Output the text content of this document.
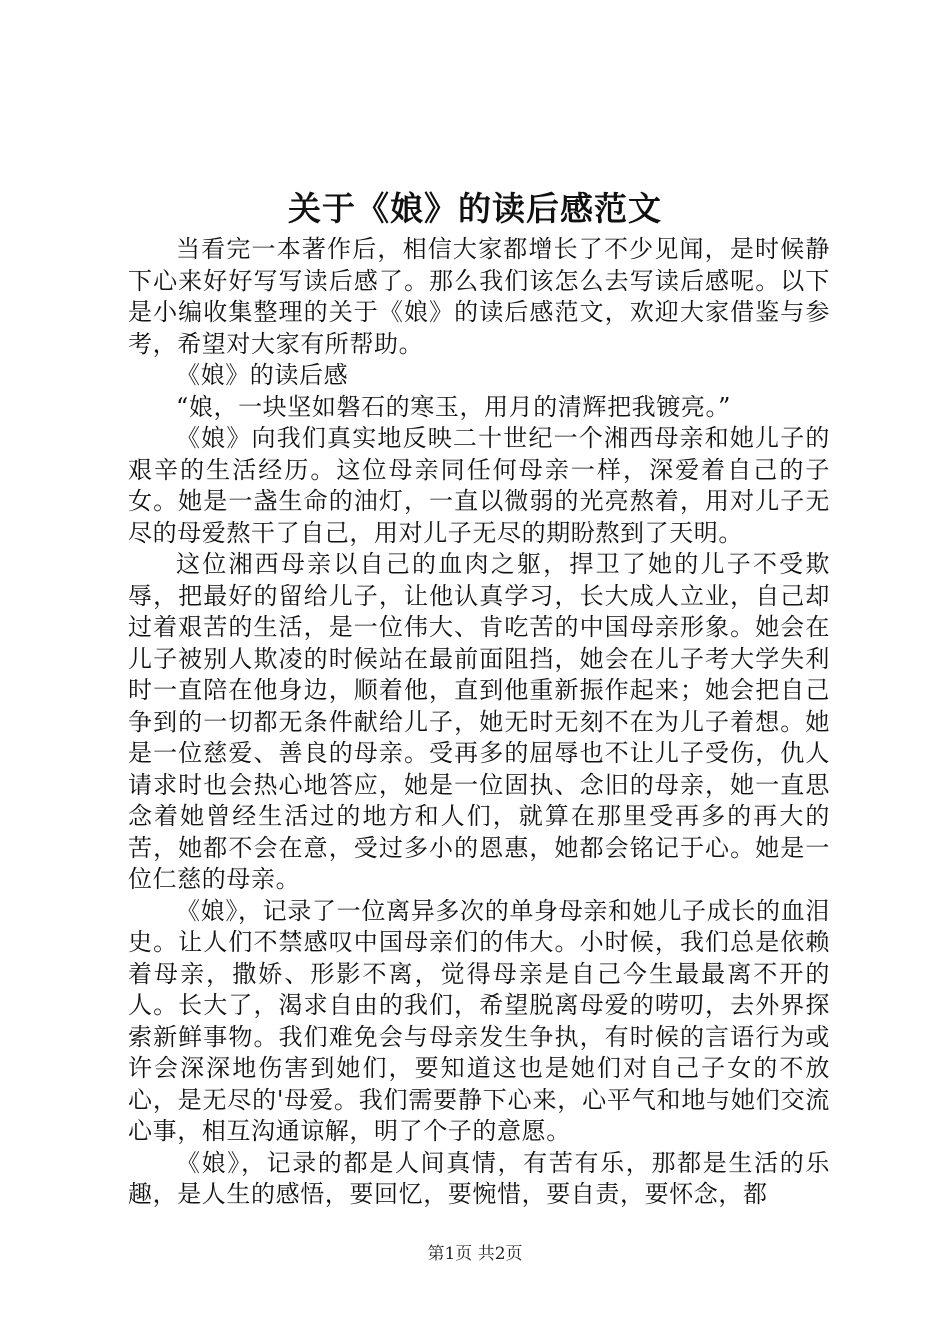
关于《娘》的读后感范文

当看完一本著作后，相信大家都增长了不少见闻，是时候静下心来好好写写读后感了。那么我们该怎么去写读后感呢。以下是小编收集整理的关于《娘》的读后感范文，欢迎大家借鉴与参考，希望对大家有所帮助。

《娘》的读后感

“娘，一块坚如磐石的寒玉，用月的清辉把我镀亮。”

《娘》向我们真实地反映二十世纪一个湘西母亲和她儿子的艰辛的生活经历。这位母亲同任何母亲一样，深爱着自己的子女。她是一盏生命的油灯，一直以微弱的光亮熬着，用对儿子无尽的母爱熬干了自己，用对儿子无尽的期盼熬到了天明。

这位湘西母亲以自己的血肉之躯，捍卫了她的儿子不受欺辱，把最好的留给儿子，让他认真学习，长大成人立业，自己却过着艰苦的生活，是一位伟大、肯吃苦的中国母亲形象。她会在儿子被别人欺凌的时候站在最前面阻挡，她会在儿子考大学失利时一直陪在他身边，顺着他，直到他重新振作起来；她会把自己争到的一切都无条件献给儿子，她无时无刻不在为儿子着想。她是一位慈爱、善良的母亲。受再多的屈辱也不让儿子受伤，仇人请求时也会热心地答应，她是一位固执、念旧的母亲，她一直思念着她曾经生活过的地方和人们，就算在那里受再多的再大的苦，她都不会在意，受过多小的恩惠，她都会铭记于心。她是一位仁慈的母亲。

《娘》，记录了一位离异多次的单身母亲和她儿子成长的血泪史。让人们不禁感叹中国母亲们的伟大。小时候，我们总是依赖着母亲，撒娇、形影不离，觉得母亲是自己今生最最离不开的人。长大了，渴求自由的我们，希望脱离母爱的唠叨，去外界探索新鲜事物。我们难免会与母亲发生争执，有时候的言语行为或许会深深地伤害到她们，要知道这也是她们对自己子女的不放心，是无尽的'母爱。我们需要静下心来，心平气和地与她们交流心事，相互沟通谅解，明了个子的意愿。

《娘》，记录的都是人间真情，有苦有乐，那都是生活的乐趣，是人生的感悟，要回忆，要惋惜，要自责，要怀念，都

第1页 共2页
